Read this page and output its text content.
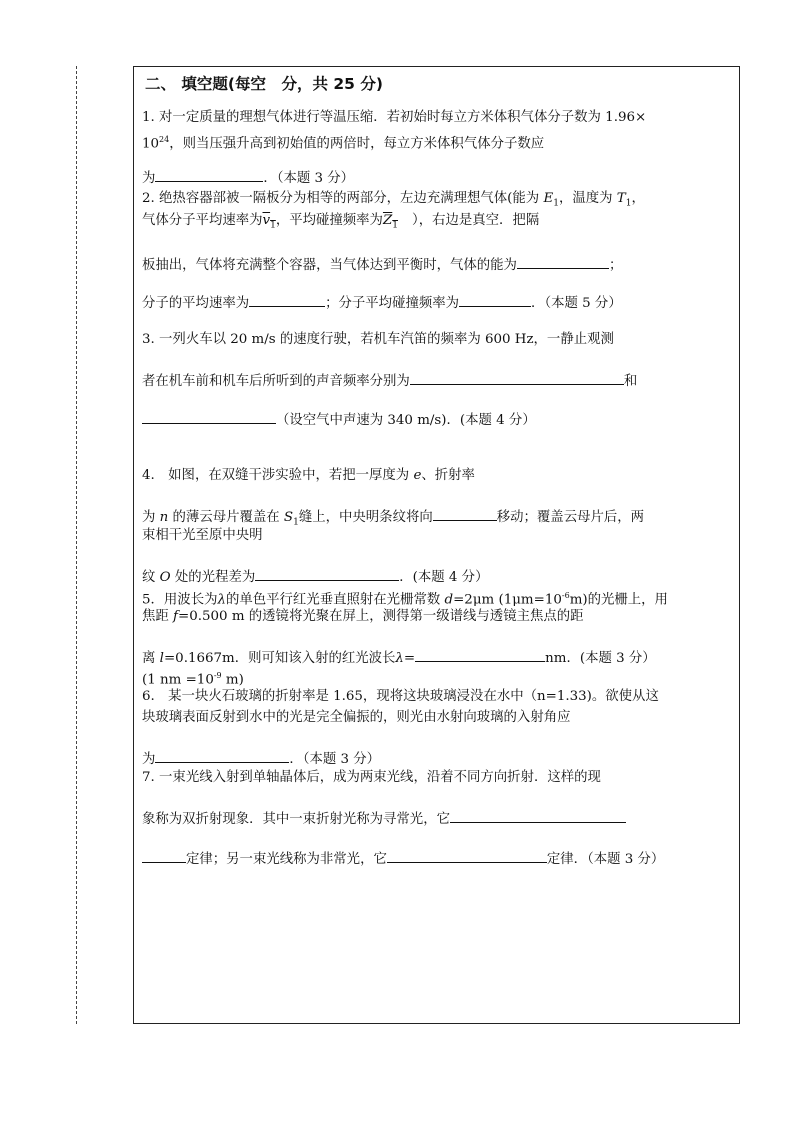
二、 填空题(每空　分，共 25 分)
1. 对一定质量的理想气体进行等温压缩．若初始时每立方米体积气体分子数为 1.96×
$10^{24}$，则当压强升高到初始值的两倍时，每立方米体积气体分子数应
为	．（本题 3 分）
2. 绝热容器部被一隔板分为相等的两部分，左边充满理想气体(能为 $E_1$，温度为 $T_1$，
气体分子平均速率为$v_1$，平均碰撞频率为$Z_1$ ），右边是真空．把隔
板抽出，气体将充满整个容器，当气体达到平衡时，气体的能为	；
分子的平均速率为	；分子平均碰撞频率为	．（本题 5 分）
3. 一列火车以 20 m/s 的速度行驶，若机车汽笛的频率为 600 Hz，一静止观测
者在机车前和机车后所听到的声音频率分别为	和
（设空气中声速为 340 m/s)．(本题 4 分）
4.　如图，在双缝干涉实验中，若把一厚度为 e、折射率
为 n 的薄云母片覆盖在 $S_1$缝上，中央明条纹将向	移动；覆盖云母片后，两
束相干光至原中央明
纹 O 处的光程差为	．(本题 4 分）
5．用波长为λ的单色平行红光垂直照射在光栅常数 d=2μm $(1\mu m=10^{-6}m)$的光栅上，用
焦距 f=0.500 m 的透镜将光聚在屏上，测得第一级谱线与透镜主焦点的距
离 l=0.1667m．则可知该入射的红光波长λ=	nm．(本题 3 分）
(1 nm $=10^{-9}$ m)
6.　某一块火石玻璃的折射率是 1.65，现将这块玻璃浸没在水中（n=1.33)。欲使从这
块玻璃表面反射到水中的光是完全偏振的，则光由水射向玻璃的入射角应
为	．（本题 3 分）
7. 一束光线入射到单轴晶体后，成为两束光线，沿着不同方向折射．这样的现
象称为双折射现象．其中一束折射光称为寻常光，它
定律；另一束光线称为非常光，它	定律．（本题 3 分）
